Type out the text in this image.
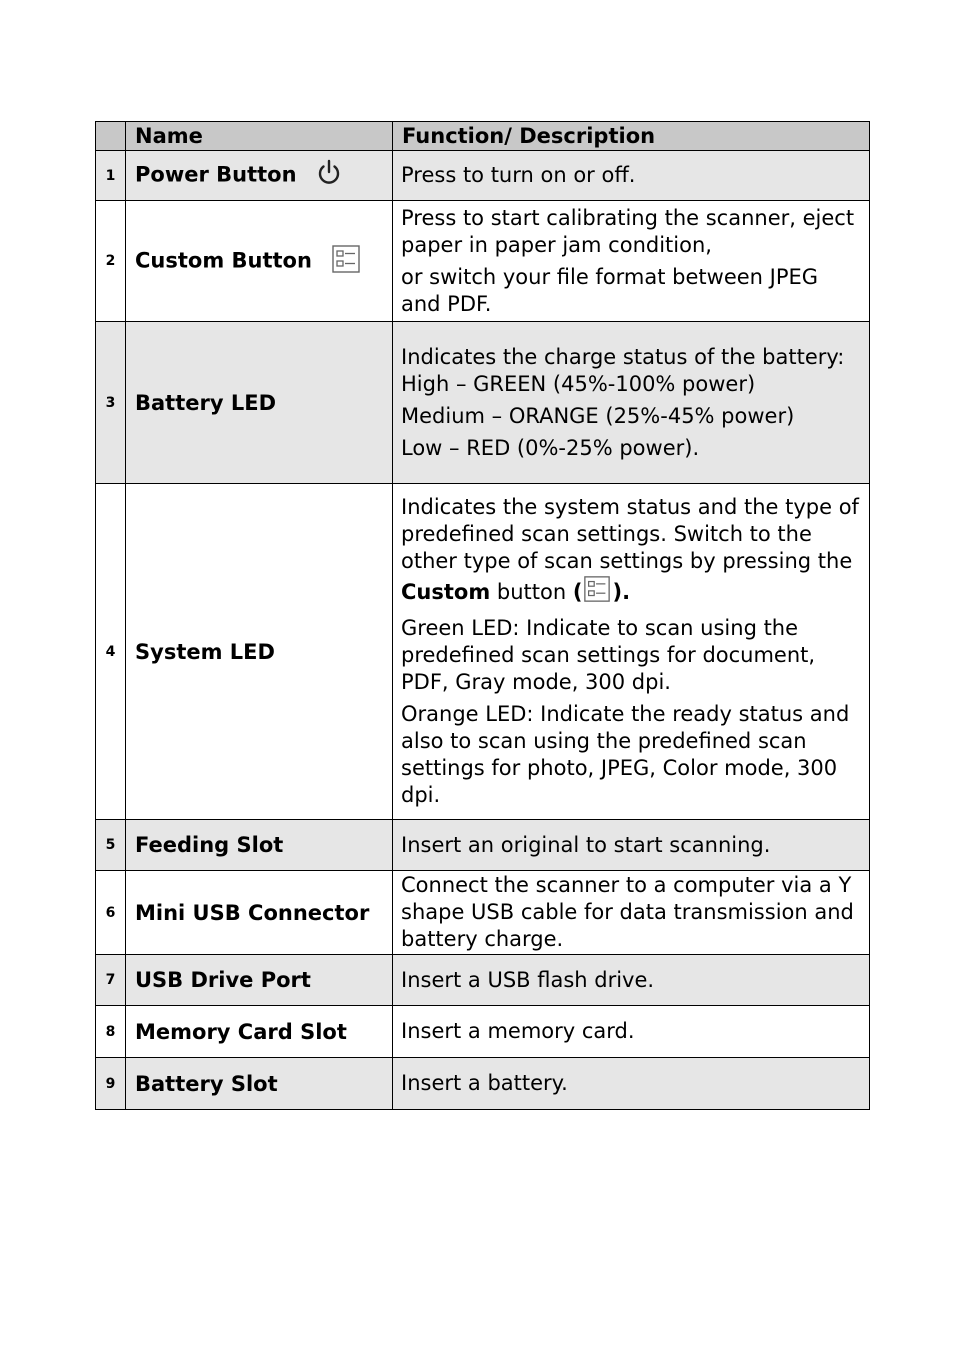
	Name	Function/ Description
1	Power Button	Press to turn on or off.

2	Custom Button	Press to start calibrating the scanner, eject paper in paper jam condition,

or switch your file format between JPEG and PDF.

3	Battery LED	Indicates the charge status of the battery:

High – GREEN (45%-100% power)

Medium – ORANGE (25%-45% power)

Low – RED (0%-25% power).

4	System LED	Indicates the system status and the type of predefined scan settings. Switch to the other type of scan settings by pressing the Custom button ( ).

Green LED: Indicate to scan using the predefined scan settings for document, PDF, Gray mode, 300 dpi.

Orange LED: Indicate the ready status and also to scan using the predefined scan settings for photo, JPEG, Color mode, 300 dpi.

5	Feeding Slot	Insert an original to start scanning.

6	Mini USB Connector	Connect the scanner to a computer via a Y shape USB cable for data transmission and battery charge.

7	USB Drive Port	Insert a USB flash drive.

8	Memory Card Slot	Insert a memory card.

9	Battery Slot	Insert a battery.
